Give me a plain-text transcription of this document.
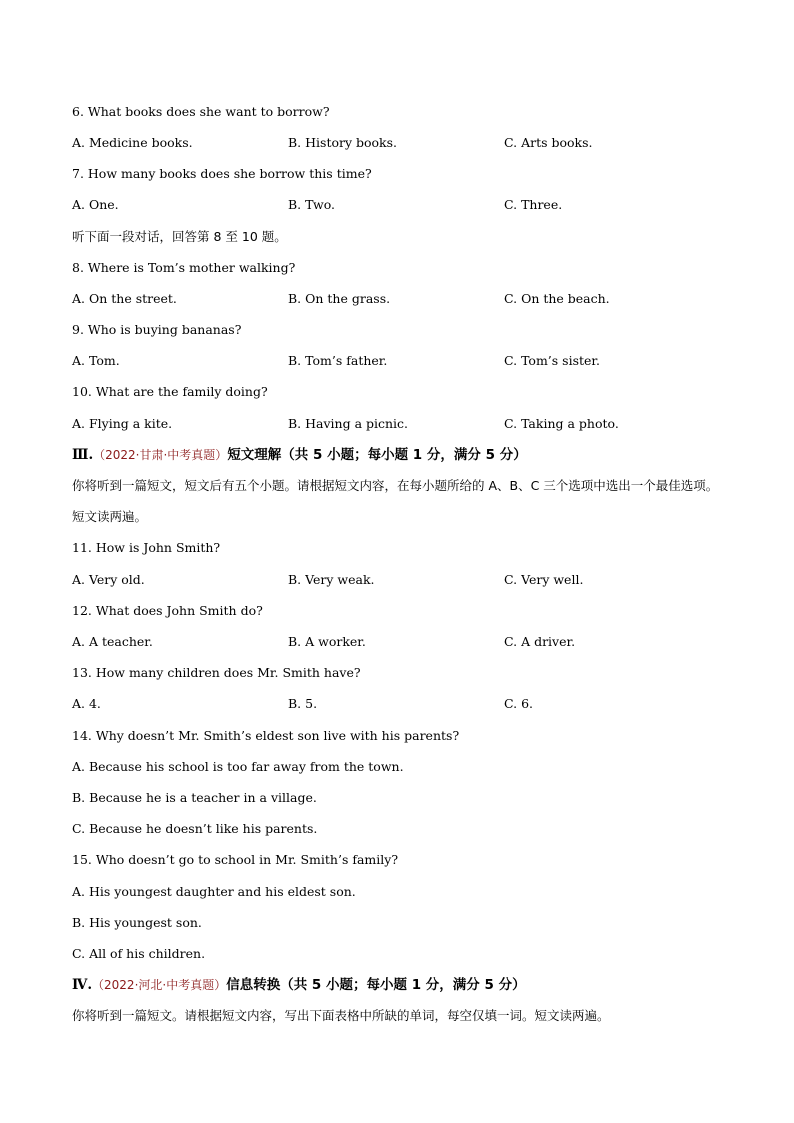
6. What books does she want to borrow?
A. Medicine books.	B. History books.	C. Arts books.
7. How many books does she borrow this time?
A. One.	B. Two.	C. Three.
听下面一段对话，回答第 8 至 10 题。
8. Where is Tom’s mother walking?
A. On the street.	B. On the grass.	C. On the beach.
9. Who is buying bananas?
A. Tom.	B. Tom’s father.	C. Tom’s sister.
10. What are the family doing?
A. Flying a kite.	B. Having a picnic.	C. Taking a photo.
Ⅲ.（2022·甘肃·中考真题）短文理解（共 5 小题；每小题 1 分，满分 5 分）
你将听到一篇短文，短文后有五个小题。请根据短文内容，在每小题所给的 A、B、C 三个选项中选出一个最佳选项。短文读两遍。
11. How is John Smith?
A. Very old.	B. Very weak.	C. Very well.
12. What does John Smith do?
A. A teacher.	B. A worker.	C. A driver.
13. How many children does Mr. Smith have?
A. 4.	B. 5.	C. 6.
14. Why doesn’t Mr. Smith’s eldest son live with his parents?
A. Because his school is too far away from the town.
B. Because he is a teacher in a village.
C. Because he doesn’t like his parents.
15. Who doesn’t go to school in Mr. Smith’s family?
A. His youngest daughter and his eldest son.
B. His youngest son.
C. All of his children.
Ⅳ.（2022·河北·中考真题）信息转换（共 5 小题；每小题 1 分，满分 5 分）
你将听到一篇短文。请根据短文内容，写出下面表格中所缺的单词，每空仅填一词。短文读两遍。
